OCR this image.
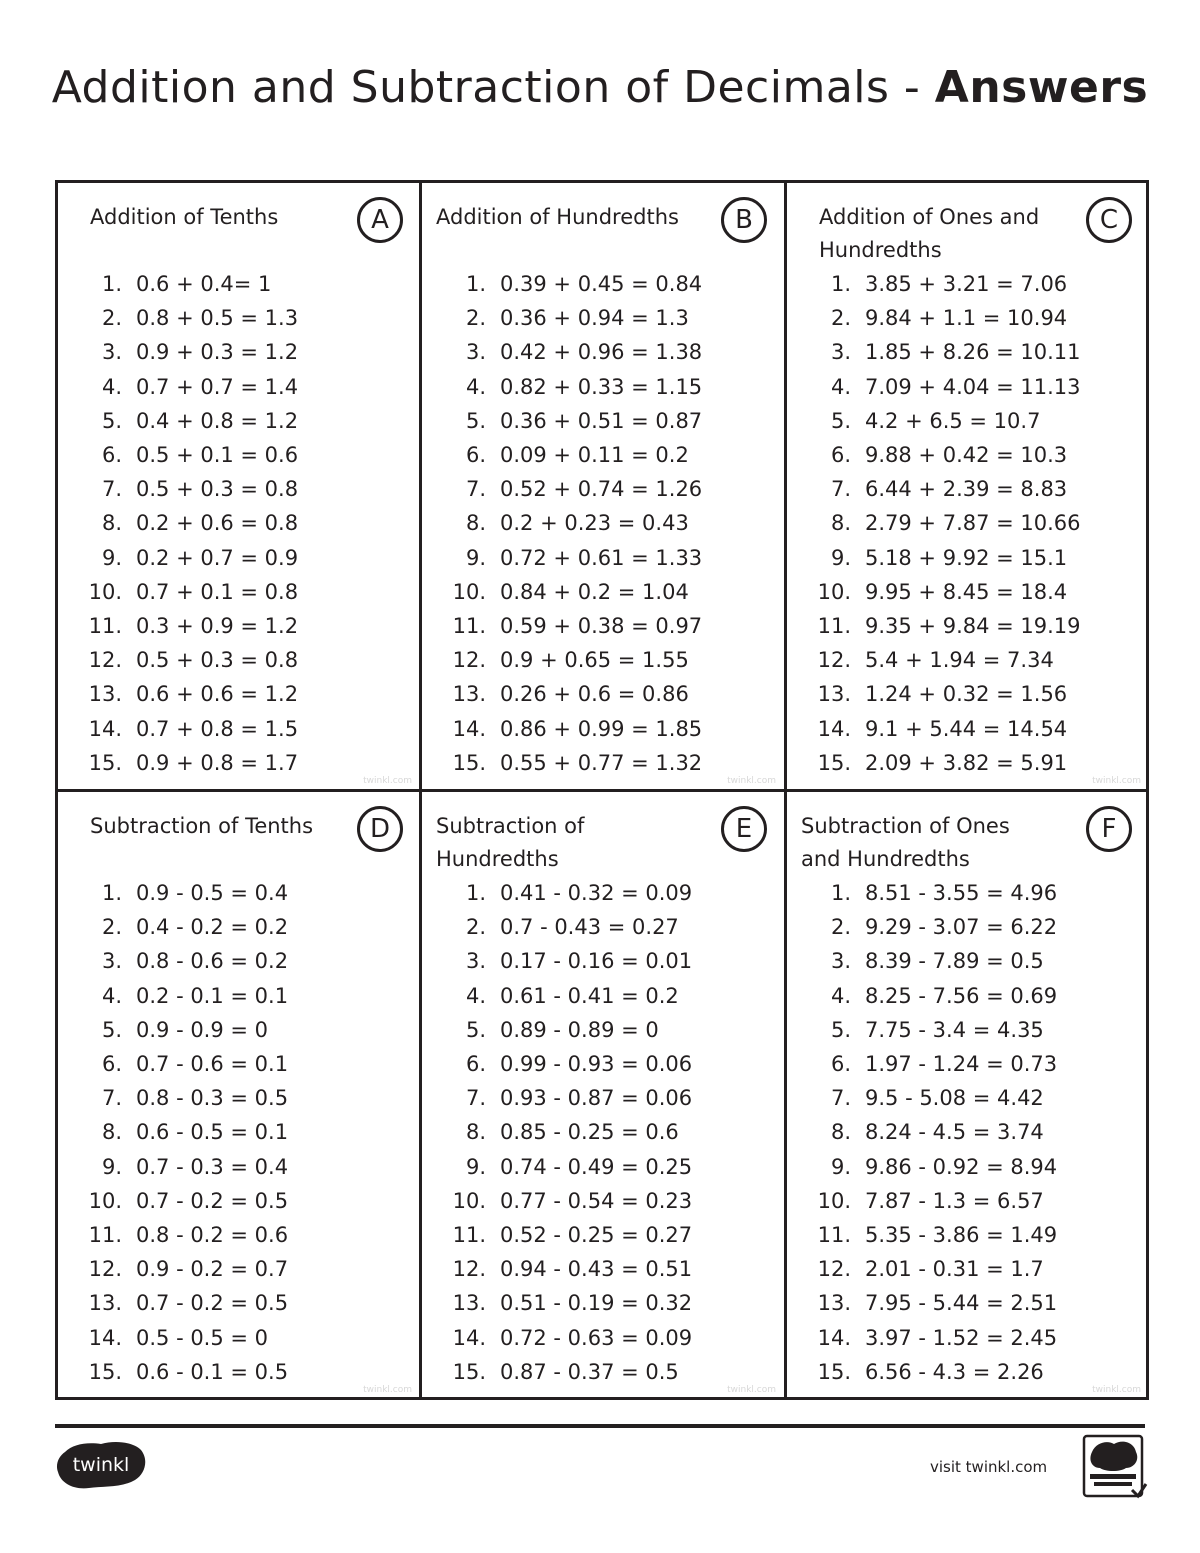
Addition and Subtraction of Decimals - Answers
Addition of Tenths	A
1. 0.6 + 0.4= 1
2. 0.8 + 0.5 = 1.3
3. 0.9 + 0.3 = 1.2
4. 0.7 + 0.7 = 1.4
5. 0.4 + 0.8 = 1.2
6. 0.5 + 0.1 = 0.6
7. 0.5 + 0.3 = 0.8
8. 0.2 + 0.6 = 0.8
9. 0.2 + 0.7 = 0.9
10. 0.7 + 0.1 = 0.8
11. 0.3 + 0.9 = 1.2
12. 0.5 + 0.3 = 0.8
13. 0.6 + 0.6 = 1.2
14. 0.7 + 0.8 = 1.5
15. 0.9 + 0.8 = 1.7
twinkl.com
Addition of Hundredths	B
1. 0.39 + 0.45 = 0.84
2. 0.36 + 0.94 = 1.3
3. 0.42 + 0.96 = 1.38
4. 0.82 + 0.33 = 1.15
5. 0.36 + 0.51 = 0.87
6. 0.09 + 0.11 = 0.2
7. 0.52 + 0.74 = 1.26
8. 0.2 + 0.23 = 0.43
9. 0.72 + 0.61 = 1.33
10. 0.84 + 0.2 = 1.04
11. 0.59 + 0.38 = 0.97
12. 0.9 + 0.65 = 1.55
13. 0.26 + 0.6 = 0.86
14. 0.86 + 0.99 = 1.85
15. 0.55 + 0.77 = 1.32
twinkl.com
Addition of Ones and Hundredths
C
1. 3.85 + 3.21 = 7.06
2. 9.84 + 1.1 = 10.94
3. 1.85 + 8.26 = 10.11
4. 7.09 + 4.04 = 11.13
5. 4.2 + 6.5 = 10.7
6. 9.88 + 0.42 = 10.3
7. 6.44 + 2.39 = 8.83
8. 2.79 + 7.87 = 10.66
9. 5.18 + 9.92 = 15.1
10. 9.95 + 8.45 = 18.4
11. 9.35 + 9.84 = 19.19
12. 5.4 + 1.94 = 7.34
13. 1.24 + 0.32 = 1.56
14. 9.1 + 5.44 = 14.54
15. 2.09 + 3.82 = 5.91
twinkl.com
Subtraction of Tenths	D
1. 0.9 - 0.5 = 0.4
2. 0.4 - 0.2 = 0.2
3. 0.8 - 0.6 = 0.2
4. 0.2 - 0.1 = 0.1
5. 0.9 - 0.9 = 0
6. 0.7 - 0.6 = 0.1
7. 0.8 - 0.3 = 0.5
8. 0.6 - 0.5 = 0.1
9. 0.7 - 0.3 = 0.4
10. 0.7 - 0.2 = 0.5
11. 0.8 - 0.2 = 0.6
12. 0.9 - 0.2 = 0.7
13. 0.7 - 0.2 = 0.5
14. 0.5 - 0.5 = 0
15. 0.6 - 0.1 = 0.5
twinkl.com
Subtraction of Hundredths
E
1. 0.41 - 0.32 = 0.09
2. 0.7 - 0.43 = 0.27
3. 0.17 - 0.16 = 0.01
4. 0.61 - 0.41 = 0.2
5. 0.89 - 0.89 = 0
6. 0.99 - 0.93 = 0.06
7. 0.93 - 0.87 = 0.06
8. 0.85 - 0.25 = 0.6
9. 0.74 - 0.49 = 0.25
10. 0.77 - 0.54 = 0.23
11. 0.52 - 0.25 = 0.27
12. 0.94 - 0.43 = 0.51
13. 0.51 - 0.19 = 0.32
14. 0.72 - 0.63 = 0.09
15. 0.87 - 0.37 = 0.5
twinkl.com
Subtraction of Ones and Hundredths
F
1. 8.51 - 3.55 = 4.96
2. 9.29 - 3.07 = 6.22
3. 8.39 - 7.89 = 0.5
4. 8.25 - 7.56 = 0.69
5. 7.75 - 3.4 = 4.35
6. 1.97 - 1.24 = 0.73
7. 9.5 - 5.08 = 4.42
8. 8.24 - 4.5 = 3.74
9. 9.86 - 0.92 = 8.94
10. 7.87 - 1.3 = 6.57
11. 5.35 - 3.86 = 1.49
12. 2.01 - 0.31 = 1.7
13. 7.95 - 5.44 = 2.51
14. 3.97 - 1.52 = 2.45
15. 6.56 - 4.3 = 2.26
twinkl.com
twinkl	visit twinkl.com
